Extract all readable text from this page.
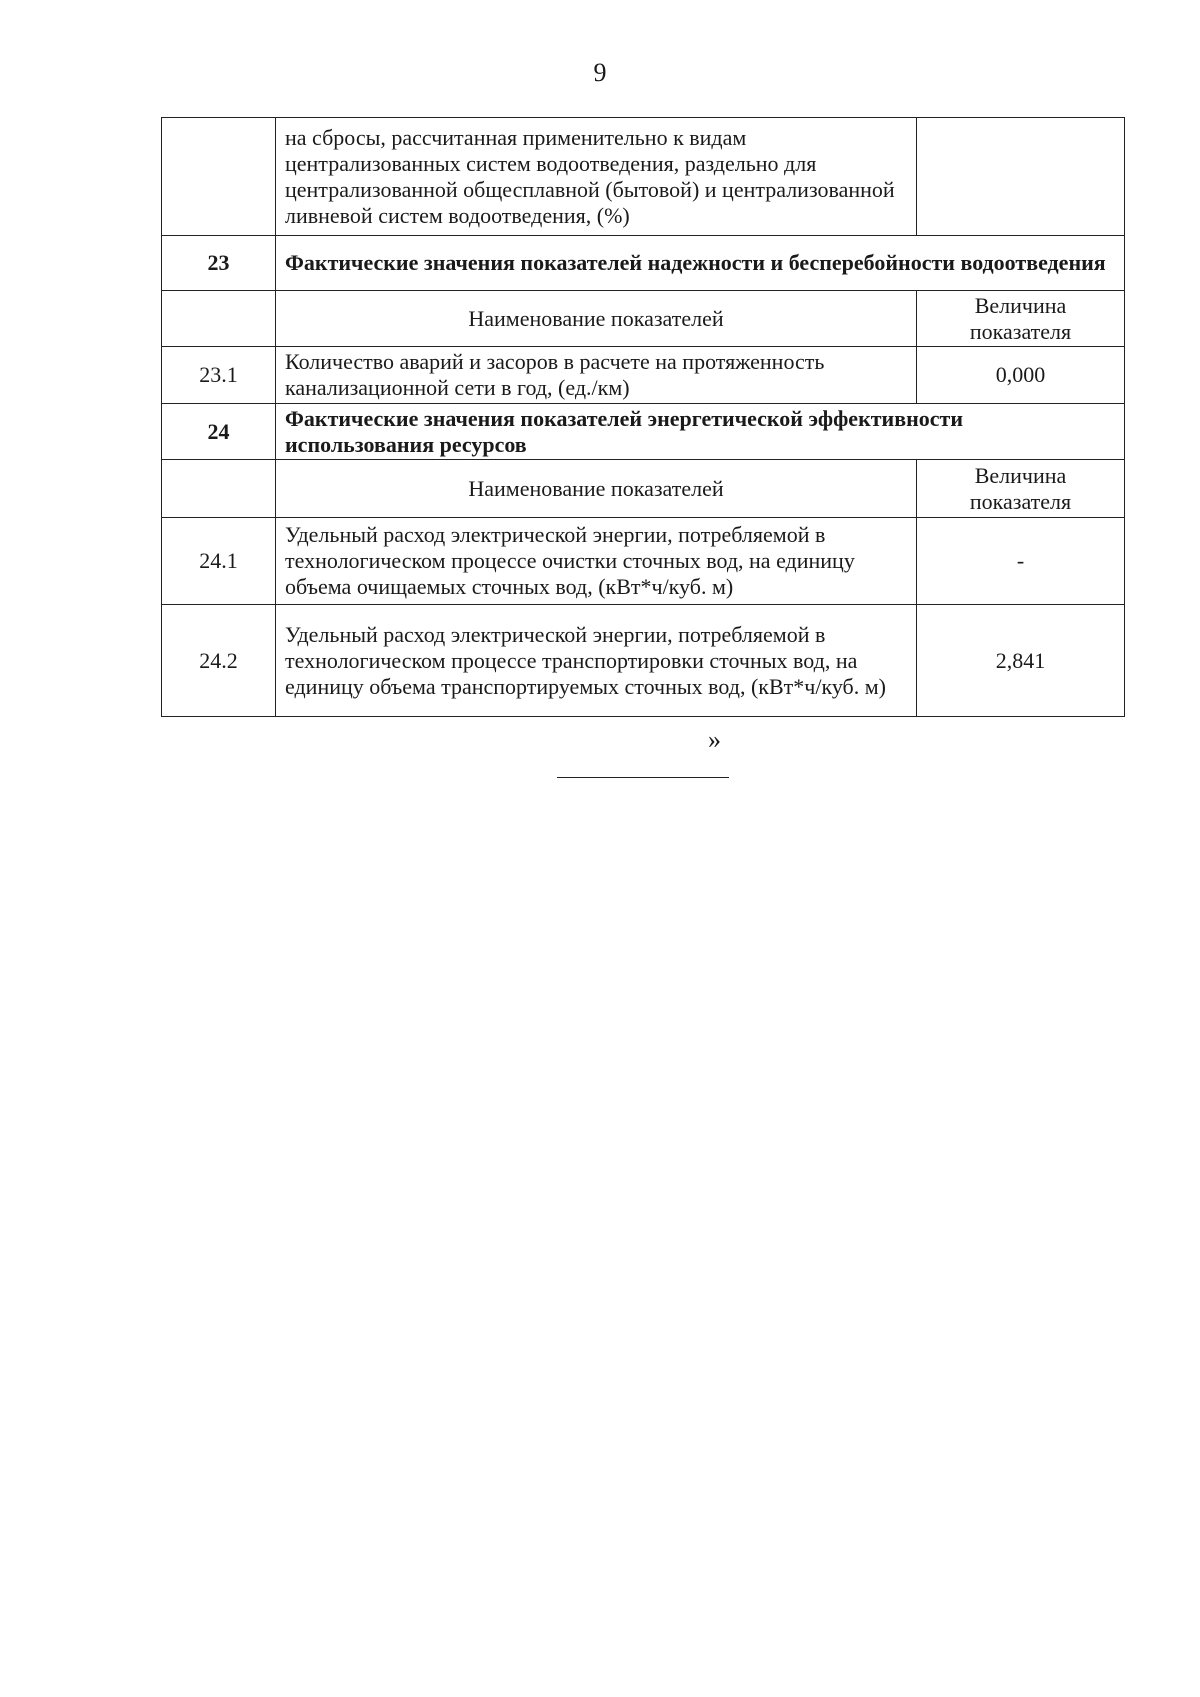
9
	на сбросы, рассчитанная применительно к видам централизованных систем водоотведения, раздельно для централизованной общесплавной (бытовой) и централизованной ливневой систем водоотведения, (%)	
23	Фактические значения показателей надежности и бесперебойности водоотведения	
	Наименование показателей	Величина показателя
23.1	Количество аварий и засоров в расчете на протяженность канализационной сети в год, (ед./км)	0,000
24	Фактические значения показателей энергетической эффективности использования ресурсов	
	Наименование показателей	Величина показателя
24.1	Удельный расход электрической энергии, потребляемой в технологическом процессе очистки сточных вод, на единицу объема очищаемых сточных вод, (кВт*ч/куб. м)	-
24.2	Удельный расход электрической энергии, потребляемой в технологическом процессе транспортировки сточных вод, на единицу объема транспортируемых сточных вод, (кВт*ч/куб. м)	2,841
»
